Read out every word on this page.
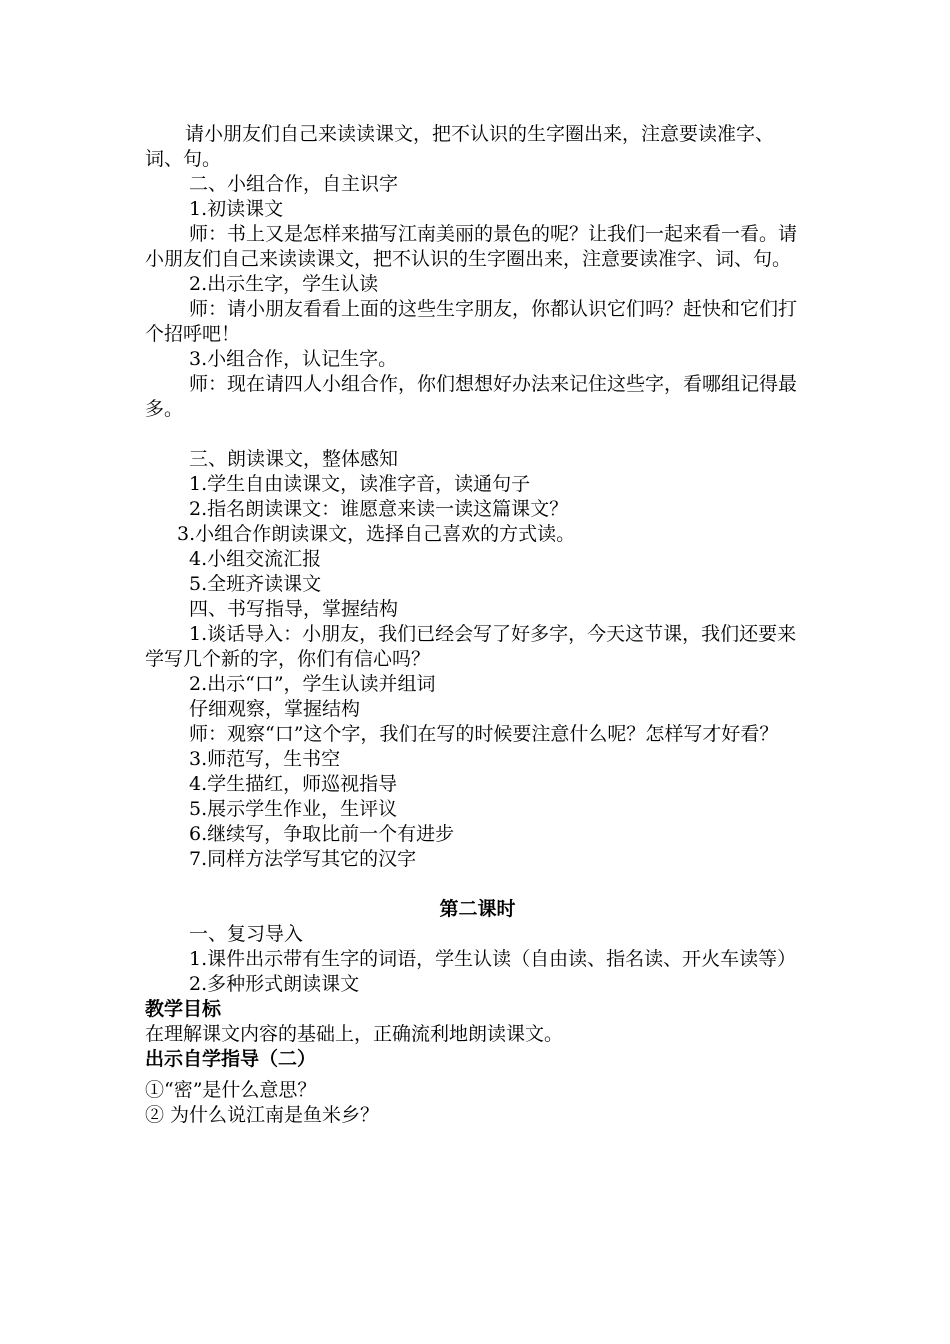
请小朋友们自己来读读课文，把不认识的生字圈出来，注意要读准字、词、句。

二、小组合作，自主识字

1.初读课文

师：书上又是怎样来描写江南美丽的景色的呢？让我们一起来看一看。请小朋友们自己来读读课文，把不认识的生字圈出来，注意要读准字、词、句。

2.出示生字，学生认读

师：请小朋友看看上面的这些生字朋友，你都认识它们吗？赶快和它们打个招呼吧！

3.小组合作，认记生字。

师：现在请四人小组合作，你们想想好办法来记住这些字，看哪组记得最多。

三、朗读课文，整体感知

1.学生自由读课文，读准字音，读通句子

2.指名朗读课文：谁愿意来读一读这篇课文？

3.小组合作朗读课文，选择自己喜欢的方式读。

4.小组交流汇报

5.全班齐读课文

四、书写指导，掌握结构

1.谈话导入：小朋友，我们已经会写了好多字，今天这节课，我们还要来学写几个新的字，你们有信心吗？

2.出示“口”，学生认读并组词

仔细观察，掌握结构

师：观察“口”这个字，我们在写的时候要注意什么呢？怎样写才好看？

3.师范写，生书空

4.学生描红，师巡视指导

5.展示学生作业，生评议

6.继续写，争取比前一个有进步

7.同样方法学写其它的汉字

第二课时

一、复习导入

1.课件出示带有生字的词语，学生认读（自由读、指名读、开火车读等）

2.多种形式朗读课文

教学目标

在理解课文内容的基础上，正确流利地朗读课文。

出示自学指导（二）

①“密”是什么意思？

② 为什么说江南是鱼米乡？
